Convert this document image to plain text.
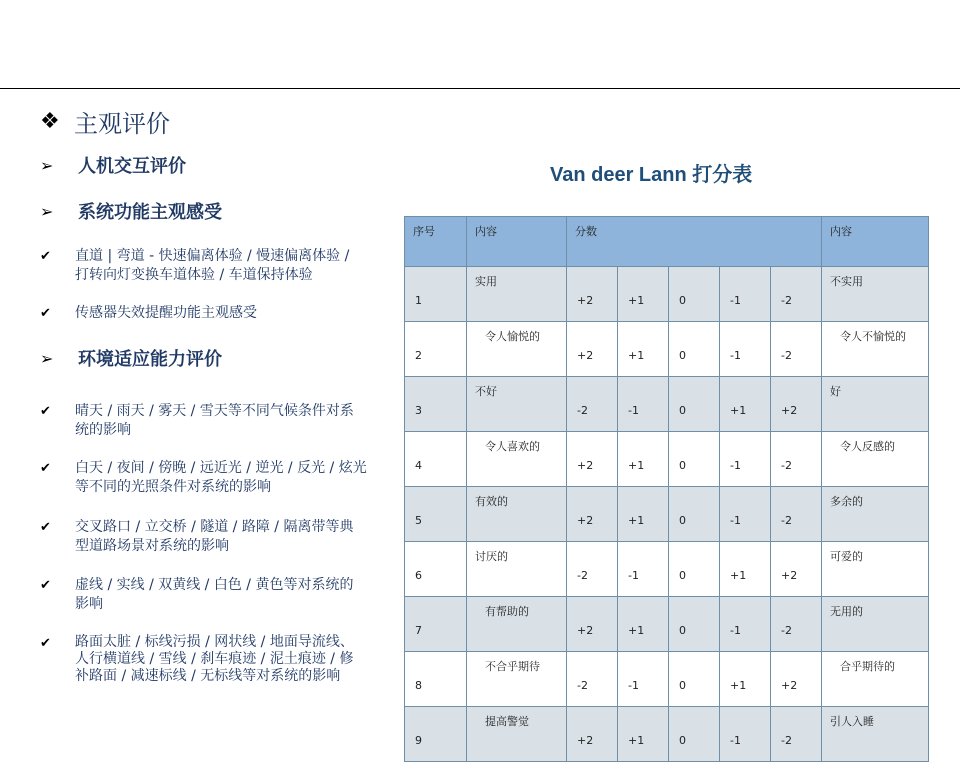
❖ 主观评价
➢	人机交互评价
➢	系统功能主观感受
✔	直道 | 弯道 - 快速偏离体验 / 慢速偏离体验 /
打转向灯变换车道体验 / 车道保持体验
✔	传感器失效提醒功能主观感受
➢	环境适应能力评价
✔	晴天 / 雨天 / 雾天 / 雪天等不同气候条件对系
统的影响
✔	白天 / 夜间 / 傍晚 / 远近光 / 逆光 / 反光 / 炫光
等不同的光照条件对系统的影响
✔	交叉路口 / 立交桥 / 隧道 / 路障 / 隔离带等典
型道路场景对系统的影响
✔	虚线 / 实线 / 双黄线 / 白色 / 黄色等对系统的
影响
✔	路面太脏 / 标线污损 / 网状线 / 地面导流线、
人行横道线 / 雪线 / 刹车痕迹 / 泥土痕迹 / 修
补路面 / 减速标线 / 无标线等对系统的影响
Van deer Lann 打分表
序号	内容	分数					内容
1	实用	+2	+1	0	-1	-2	不实用
2	令人愉悦的	+2	+1	0	-1	-2	令人不愉悦的
3	不好	-2	-1	0	+1	+2	好
4	令人喜欢的	+2	+1	0	-1	-2	令人反感的
5	有效的	+2	+1	0	-1	-2	多余的
6	讨厌的	-2	-1	0	+1	+2	可爱的
7	有帮助的	+2	+1	0	-1	-2	无用的
8	不合乎期待	-2	-1	0	+1	+2	合乎期待的
9	提高警觉	+2	+1	0	-1	-2	引人入睡
